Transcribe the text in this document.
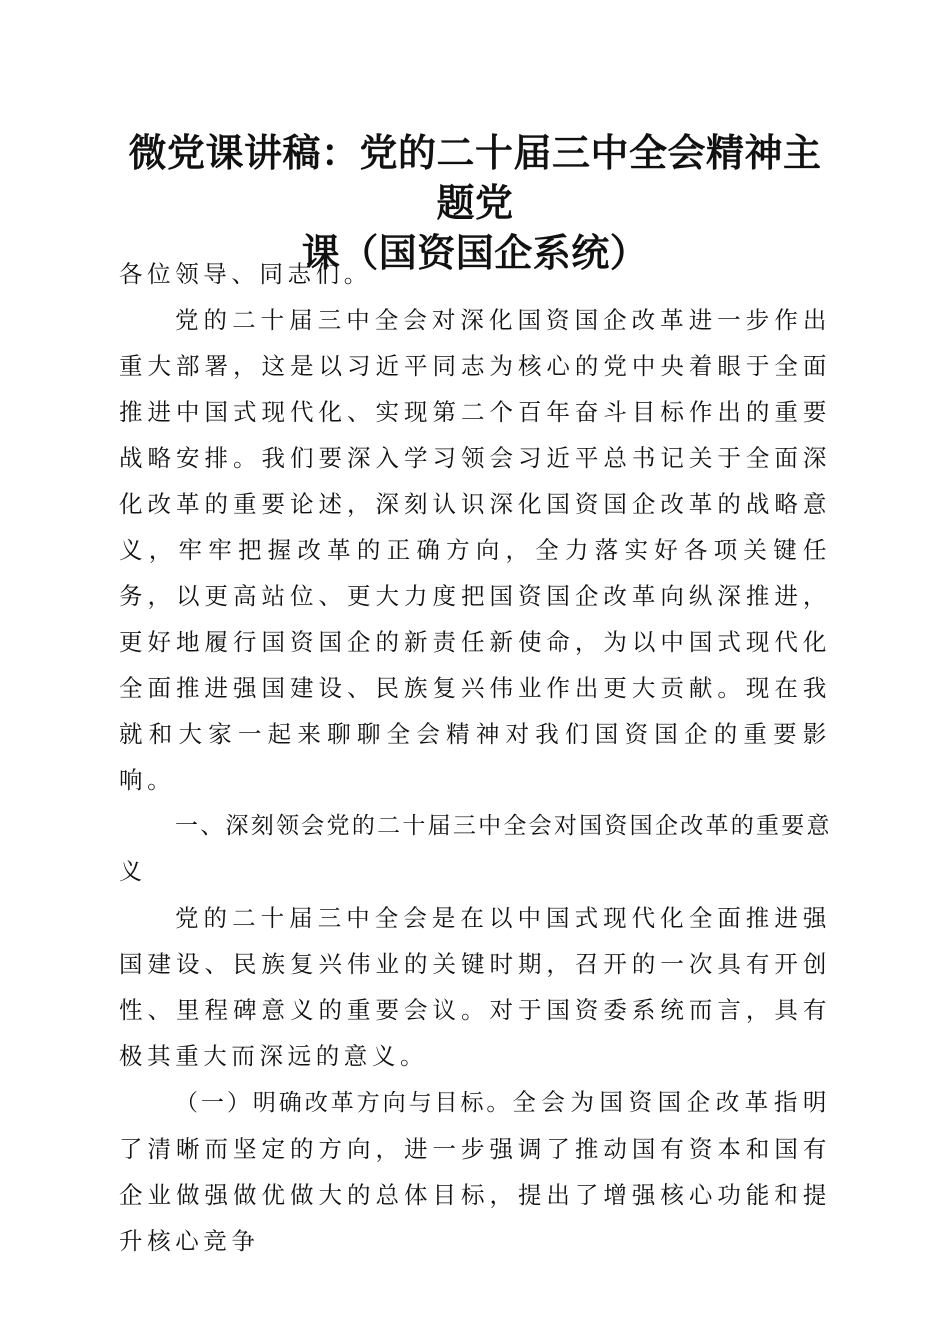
微党课讲稿：党的二十届三中全会精神主题党
课（国资国企系统）

各位领导、同志们。

党的二十届三中全会对深化国资国企改革进一步作出重大部署，这是以习近平同志为核心的党中央着眼于全面推进中国式现代化、实现第二个百年奋斗目标作出的重要战略安排。我们要深入学习领会习近平总书记关于全面深化改革的重要论述，深刻认识深化国资国企改革的战略意义，牢牢把握改革的正确方向，全力落实好各项关键任务，以更高站位、更大力度把国资国企改革向纵深推进，更好地履行国资国企的新责任新使命，为以中国式现代化全面推进强国建设、民族复兴伟业作出更大贡献。现在我就和大家一起来聊聊全会精神对我们国资国企的重要影响。

一、深刻领会党的二十届三中全会对国资国企改革的重要意义

党的二十届三中全会是在以中国式现代化全面推进强国建设、民族复兴伟业的关键时期，召开的一次具有开创性、里程碑意义的重要会议。对于国资委系统而言，具有极其重大而深远的意义。

（一）明确改革方向与目标。全会为国资国企改革指明了清晰而坚定的方向，进一步强调了推动国有资本和国有企业做强做优做大的总体目标，提出了增强核心功能和提升核心竞争
